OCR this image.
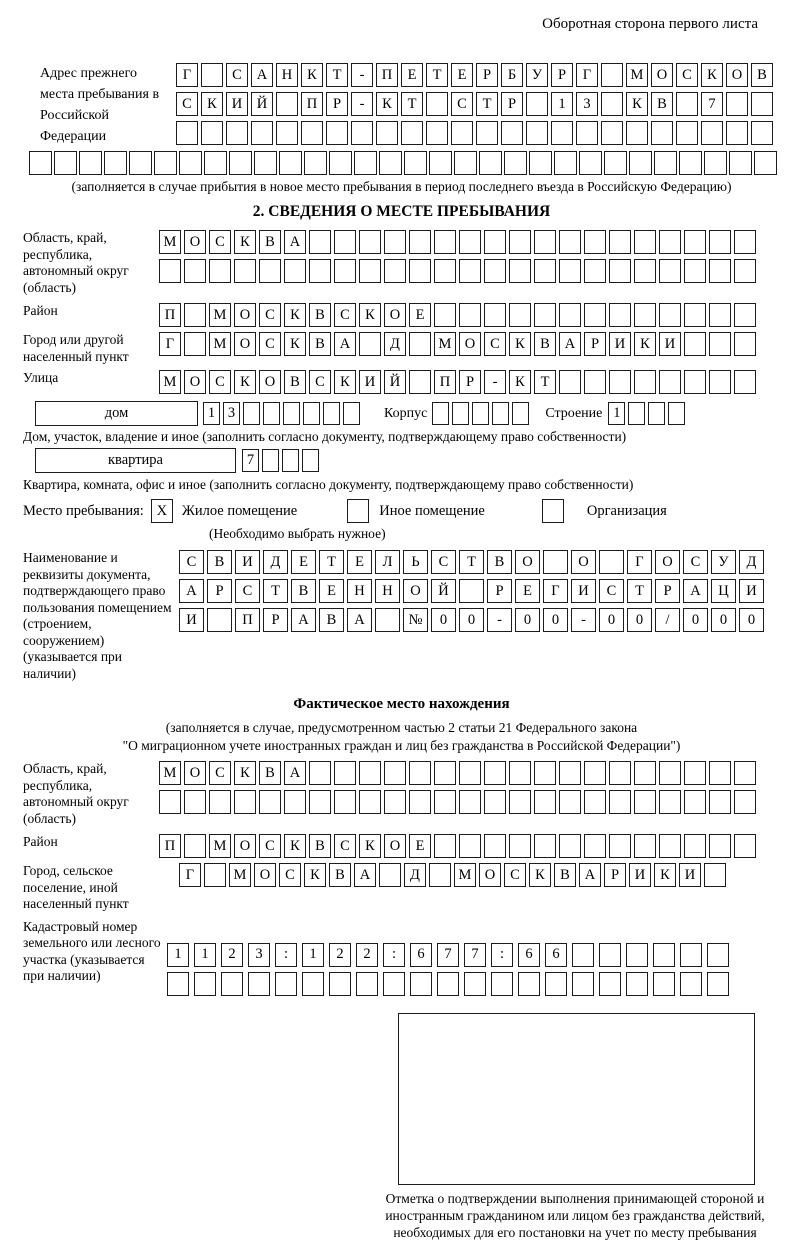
Оборотная сторона первого листа
Адрес прежнего места пребывания в Российской Федерации
Г	С	А	Н	К	Т	-	П	Е	Т	Е	Р	Б	У	Р	Г	М О	С	К	О	В
С	К	И	Й	П	Р	-	К	Т	С	Т	Р	1	3	К	В	7
(заполняется в случае прибытия в новое место пребывания в период последнего въезда в Российскую Федерацию)
2. СВЕДЕНИЯ О МЕСТЕ ПРЕБЫВАНИЯ
Область, край, республика, автономный округ (область)
М О	С	К	В	А
Район	П	М О	С	К	В	С	К	О	Е
Город или другой населенный пункт
Г	М О	С	К	В	А	Д	М О	С	К	В	А	Р	И	К	И
Улица	М О	С	К	О	В	С	К	И	Й	П	Р	-	К	Т
дом	1 3	Корпус	Строение 1
Дом, участок, владение и иное (заполнить согласно документу, подтверждающему право собственности)
квартира	7
Квартира, комната, офис и иное (заполнить согласно документу, подтверждающему право собственности)
Место пребывания: X	Жилое помещение	Иное помещение	Организация
(Необходимо выбрать нужное)
Наименование и реквизиты документа, подтверждающего право пользования помещением (строением, сооружением) (указывается при наличии)
С	В	И	Д	Е	Т	Е	Л	Ь	С	Т	В	О	О	Г	О	С	У	Д
А	Р	С	Т	В	Е	Н	Н	О	Й	Р	Е	Г	И	С	Т	Р	А	Ц	И
И	П	Р	А	В	А	№	0	0	-	0	0	-	0	0	/	0	0	0
Фактическое место нахождения
(заполняется в случае, предусмотренном частью 2 статьи 21 Федерального закона
"О миграционном учете иностранных граждан и лиц без гражданства в Российской Федерации")
Область, край, республика, автономный округ (область)
М О	С	К	В	А
Район	П	М О	С	К	В	С	К	О	Е
Город, сельское поселение, иной населенный пункт
Г	М О	С	К	В	А	Д	М О	С	К	В	А	Р	И	К	И
Кадастровый номер земельного или лесного участка (указывается при наличии)
1	1	2	3	:	1	2	2	:	6	7	7	:	6	6
Отметка о подтверждении выполнения принимающей стороной и иностранным гражданином или лицом без гражданства действий, необходимых для его постановки на учет по месту пребывания
